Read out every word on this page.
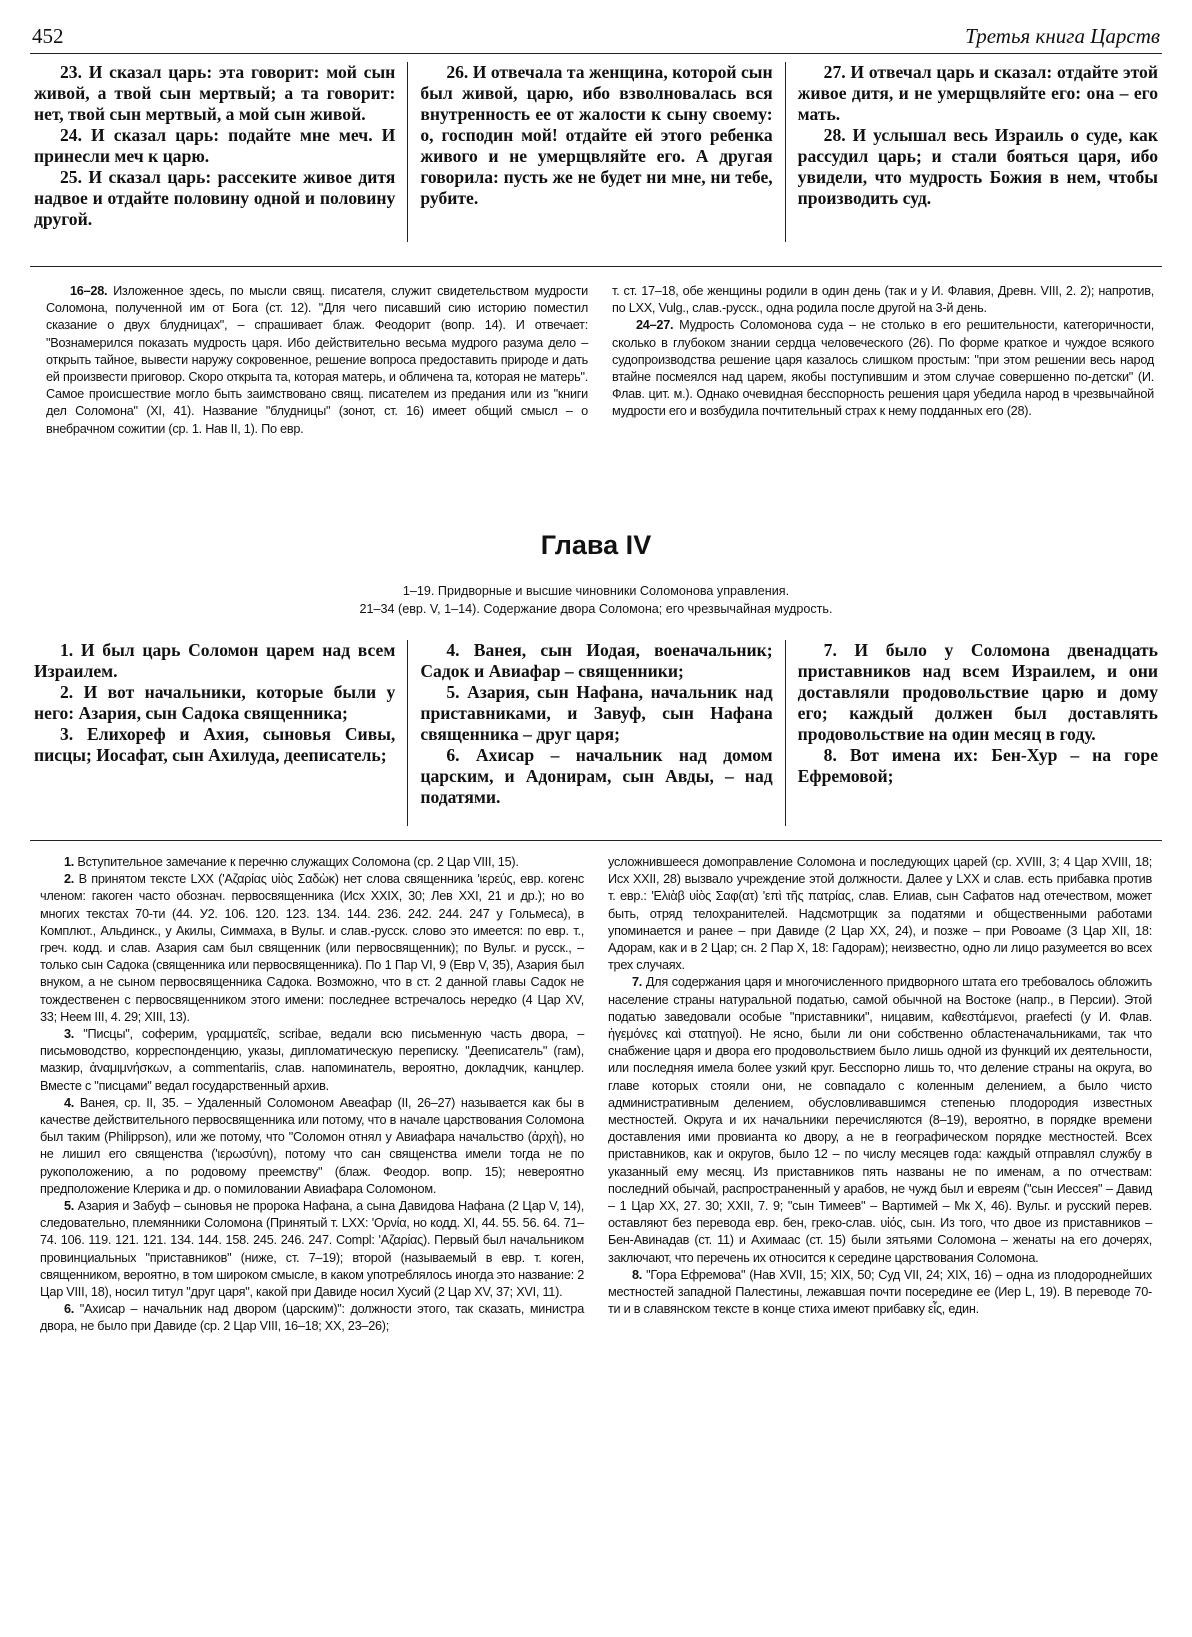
452	Третья книга Царств

23. И сказал царь: эта говорит: мой сын живой, а твой сын мертвый; а та говорит: нет, твой сын мертвый, а мой сын живой.

24. И сказал царь: подайте мне меч. И принесли меч к царю.

25. И сказал царь: рассеките живое дитя надвое и отдайте половину одной и половину другой.

26. И отвечала та женщина, которой сын был живой, царю, ибо взволновалась вся внутренность ее от жалости к сыну своему: о, господин мой! отдайте ей этого ребенка живого и не умерщвляйте его. А другая говорила: пусть же не будет ни мне, ни тебе, рубите.

27. И отвечал царь и сказал: отдайте этой живое дитя, и не умерщвляйте его: она – его мать.

28. И услышал весь Израиль о суде, как рассудил царь; и стали бояться царя, ибо увидели, что мудрость Божия в нем, чтобы производить суд.

16–28. Изложенное здесь, по мысли свящ. писателя, служит свидетельством мудрости Соломона, полученной им от Бога (ст. 12). "Для чего писавший сию историю поместил сказание о двух блудницах", – спрашивает блаж. Феодорит (вопр. 14). И отвечает: "Вознамерился показать мудрость царя. Ибо действительно весьма мудрого разума дело – открыть тайное, вывести наружу сокровенное, решение вопроса предоставить природе и дать ей произвести приговор. Скоро открыта та, которая матерь, и обличена та, которая не матерь". Самое происшествие могло быть заимствовано свящ. писателем из предания или из "книги дел Соломона" (XI, 41). Название "блудницы" (зонот, ст. 16) имеет общий смысл – о внебрачном сожитии (ср. 1. Нав II, 1). По евр.

т. ст. 17–18, обе женщины родили в один день (так и у И. Флавия, Древн. VIII, 2. 2); напротив, по LXX, Vulg., слав.-русск., одна родила после другой на 3-й день.

24–27. Мудрость Соломонова суда – не столько в его решительности, категоричности, сколько в глубоком знании сердца человеческого (26). По форме краткое и чуждое всякого судопроизводства решение царя казалось слишком простым: "при этом решении весь народ втайне посмеялся над царем, якобы поступившим и этом случае совершенно по-детски" (И. Флав. цит. м.). Однако очевидная бесспорность решения царя убедила народ в чрезвычайной мудрости его и возбудила почтительный страх к нему подданных его (28).

Глава IV
1–19. Придворные и высшие чиновники Соломонова управления.
21–34 (евр. V, 1–14). Содержание двора Соломона; его чрезвычайная мудрость.

1. И был царь Соломон царем над всем Израилем.

2. И вот начальники, которые были у него: Азария, сын Садока священника;

3. Елихореф и Ахия, сыновья Сивы, писцы; Иосафат, сын Ахилуда, дееписатель;

4. Ванея, сын Иодая, военачальник; Садок и Авиафар – священники;

5. Азария, сын Нафана, начальник над приставниками, и Завуф, сын Нафана священника – друг царя;

6. Ахисар – начальник над домом царским, и Адонирам, сын Авды, – над податями.

7. И было у Соломона двенадцать приставников над всем Израилем, и они доставляли продовольствие царю и дому его; каждый должен был доставлять продовольствие на один месяц в году.

8. Вот имена их: Бен-Хур – на горе Ефремовой;

1. Вступительное замечание к перечню служащих Соломона (ср. 2 Цар VIII, 15).

2. В принятом тексте LXX ('Αζαρίας υἱὸς Σαδὼκ) нет слова священника 'ιερεύς, евр. когенс членом: гакоген часто обознач. первосвященника (Исх XXIX, 30; Лев XXI, 21 и др.); но во многих текстах 70-ти (44. У2. 106. 120. 123. 134. 144. 236. 242. 244. 247 у Гольмеса), в Комплют., Альдинск., у Акилы, Симмаха, в Вульг. и слав.-русск. слово это имеется: по евр. т., греч. кодд. и слав. Азария сам был священник (или первосвященник); по Вульг. и русск., – только сын Садока (священника или первосвященника). По 1 Пар VI, 9 (Евр V, 35), Азария был внуком, а не сыном первосвященника Садока. Возможно, что в ст. 2 данной главы Садок не тождественен с первосвященником этого имени: последнее встречалось нередко (4 Цар XV, 33; Неем III, 4. 29; XIII, 13).

3. "Писцы", соферим, γραμματεῖς, scribae, ведали всю письменную часть двора, – письмоводство, корреспонденцию, указы, дипломатическую переписку. "Дееписатель" (гам), мазкир, ἀναμιμνήσκων, a commentariis, слав. напоминатель, вероятно, докладчик, канцлер. Вместе с "писцами" ведал государственный архив.

4. Ванея, ср. II, 35. – Удаленный Соломоном Авеафар (II, 26–27) называется как бы в качестве действительного первосвященника или потому, что в начале царствования Соломона был таким (Philippson), или же потому, что "Соломон отнял у Авиафара начальство (ἀρχὴ), но не лишил его священства ('ιερωσύνη), потому что сан священства имели тогда не по рукоположению, а по родовому преемству" (блаж. Феодор. вопр. 15); невероятно предположение Клерика и др. о помиловании Авиафара Соломоном.

5. Азария и Забуф – сыновья не пророка Нафана, а сына Давидова Нафана (2 Цар V, 14), следовательно, племянники Соломона (Принятый т. LXX: 'Ορνία, но кодд. XI, 44. 55. 56. 64. 71–74. 106. 119. 121. 121. 134. 144. 158. 245. 246. 247. Compl: 'Αζαρίας). Первый был начальником провинциальных "приставников" (ниже, ст. 7–19); второй (называемый в евр. т. коген, священником, вероятно, в том широком смысле, в каком употреблялось иногда это название: 2 Цар VIII, 18), носил титул "друг царя", какой при Давиде носил Хусий (2 Цар XV, 37; XVI, 11).

6. "Ахисар – начальник над двором (царским)": должности этого, так сказать, министра двора, не было при Давиде (ср. 2 Цар VIII, 16–18; XX, 23–26);

усложнившееся домоправление Соломона и последующих царей (ср. XVIII, 3; 4 Цар XVIII, 18; Исх XXII, 28) вызвало учреждение этой должности. Далее у LXX и слав. есть прибавка против т. евр.: 'Ελιὰβ υἱὸς Σαφ(ατ) 'επὶ τῆς πατρίας, слав. Елиав, сын Сафатов над отечеством, может быть, отряд телохранителей. Надсмотрщик за податями и общественными работами упоминается и ранее – при Давиде (2 Цар XX, 24), и позже – при Ровоаме (3 Цар XII, 18: Адорам, как и в 2 Цар; сн. 2 Пар X, 18: Гадорам); неизвестно, одно ли лицо разумеется во всех трех случаях.

7. Для содержания царя и многочисленного придворного штата его требовалось обложить население страны натуральной податью, самой обычной на Востоке (напр., в Персии). Этой податью заведовали особые "приставники", ницавим, καθεστάμενοι, praefecti (у И. Флав. ἡγεμόνες καὶ στατηγοί). Не ясно, были ли они собственно областеначальниками, так что снабжение царя и двора его продовольствием было лишь одной из функций их деятельности, или последняя имела более узкий круг. Бесспорно лишь то, что деление страны на округа, во главе которых стояли они, не совпадало с коленным делением, а было чисто административным делением, обусловливавшимся степенью плодородия известных местностей. Округа и их начальники перечисляются (8–19), вероятно, в порядке времени доставления ими провианта ко двору, а не в географическом порядке местностей. Всех приставников, как и округов, было 12 – по числу месяцев года: каждый отправлял службу в указанный ему месяц. Из приставников пять названы не по именам, а по отчествам: последний обычай, распространенный у арабов, не чужд был и евреям ("сын Иессея" – Давид – 1 Цар XX, 27. 30; XXII, 7. 9; "сын Тимеев" – Вартимей – Мк X, 46). Вульг. и русский перев. оставляют без перевода евр. бен, греко-слав. υἱός, сын. Из того, что двое из приставников – Бен-Авинадав (ст. 11) и Ахимаас (ст. 15) были зятьями Соломона – женаты на его дочерях, заключают, что перечень их относится к середине царствования Соломона.

8. "Гора Ефремова" (Нав XVII, 15; XIX, 50; Суд VII, 24; XIX, 16) – одна из плодороднейших местностей западной Палестины, лежавшая почти посередине ее (Иер L, 19). В переводе 70-ти и в славянском тексте в конце стиха имеют прибавку εἶς, един.
